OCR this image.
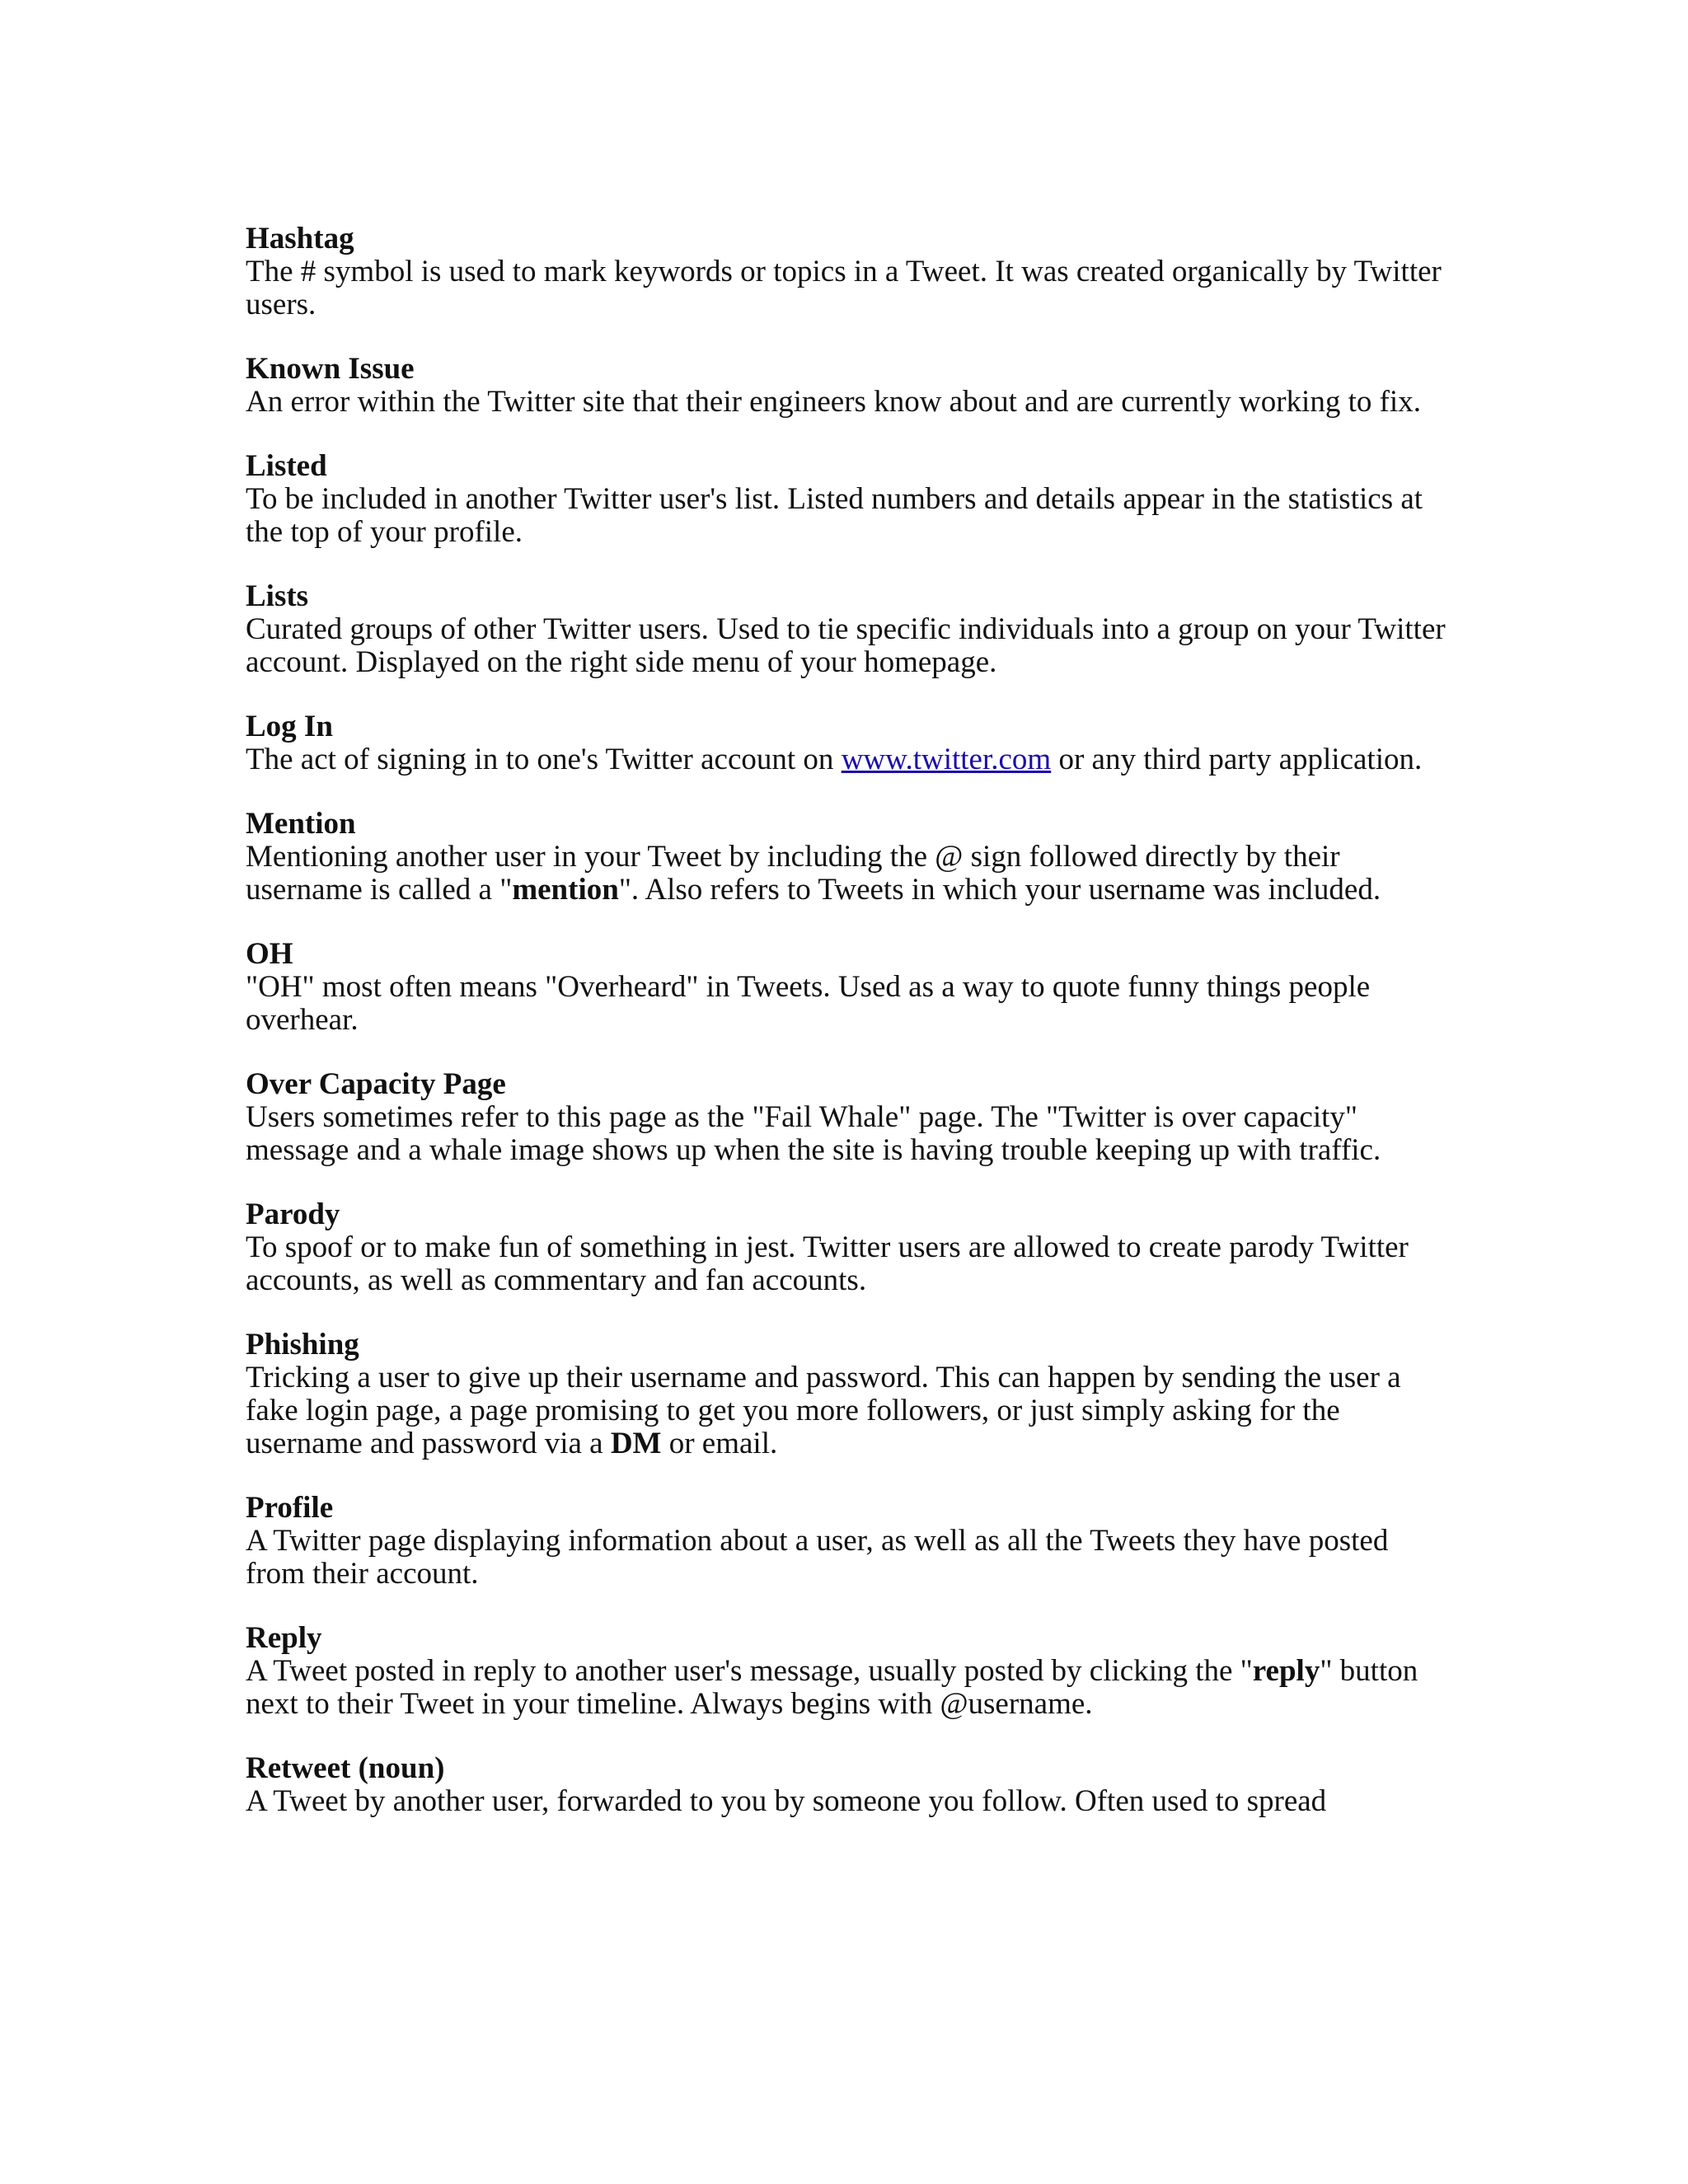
Hashtag
The # symbol is used to mark keywords or topics in a Tweet. It was created organically by Twitter users.
Known Issue
An error within the Twitter site that their engineers know about and are currently working to fix.
Listed
To be included in another Twitter user's list. Listed numbers and details appear in the statistics at the top of your profile.
Lists
Curated groups of other Twitter users. Used to tie specific individuals into a group on your Twitter account. Displayed on the right side menu of your homepage.
Log In
The act of signing in to one's Twitter account on www.twitter.com or any third party application.
Mention
Mentioning another user in your Tweet by including the @ sign followed directly by their username is called a "mention". Also refers to Tweets in which your username was included.
OH
"OH" most often means "Overheard" in Tweets. Used as a way to quote funny things people overhear.
Over Capacity Page
Users sometimes refer to this page as the "Fail Whale" page. The "Twitter is over capacity" message and a whale image shows up when the site is having trouble keeping up with traffic.
Parody
To spoof or to make fun of something in jest. Twitter users are allowed to create parody Twitter accounts, as well as commentary and fan accounts.
Phishing
Tricking a user to give up their username and password. This can happen by sending the user a fake login page, a page promising to get you more followers, or just simply asking for the username and password via a DM or email.
Profile
A Twitter page displaying information about a user, as well as all the Tweets they have posted from their account.
Reply
A Tweet posted in reply to another user's message, usually posted by clicking the "reply" button next to their Tweet in your timeline. Always begins with @username.
Retweet (noun)
A Tweet by another user, forwarded to you by someone you follow. Often used to spread
